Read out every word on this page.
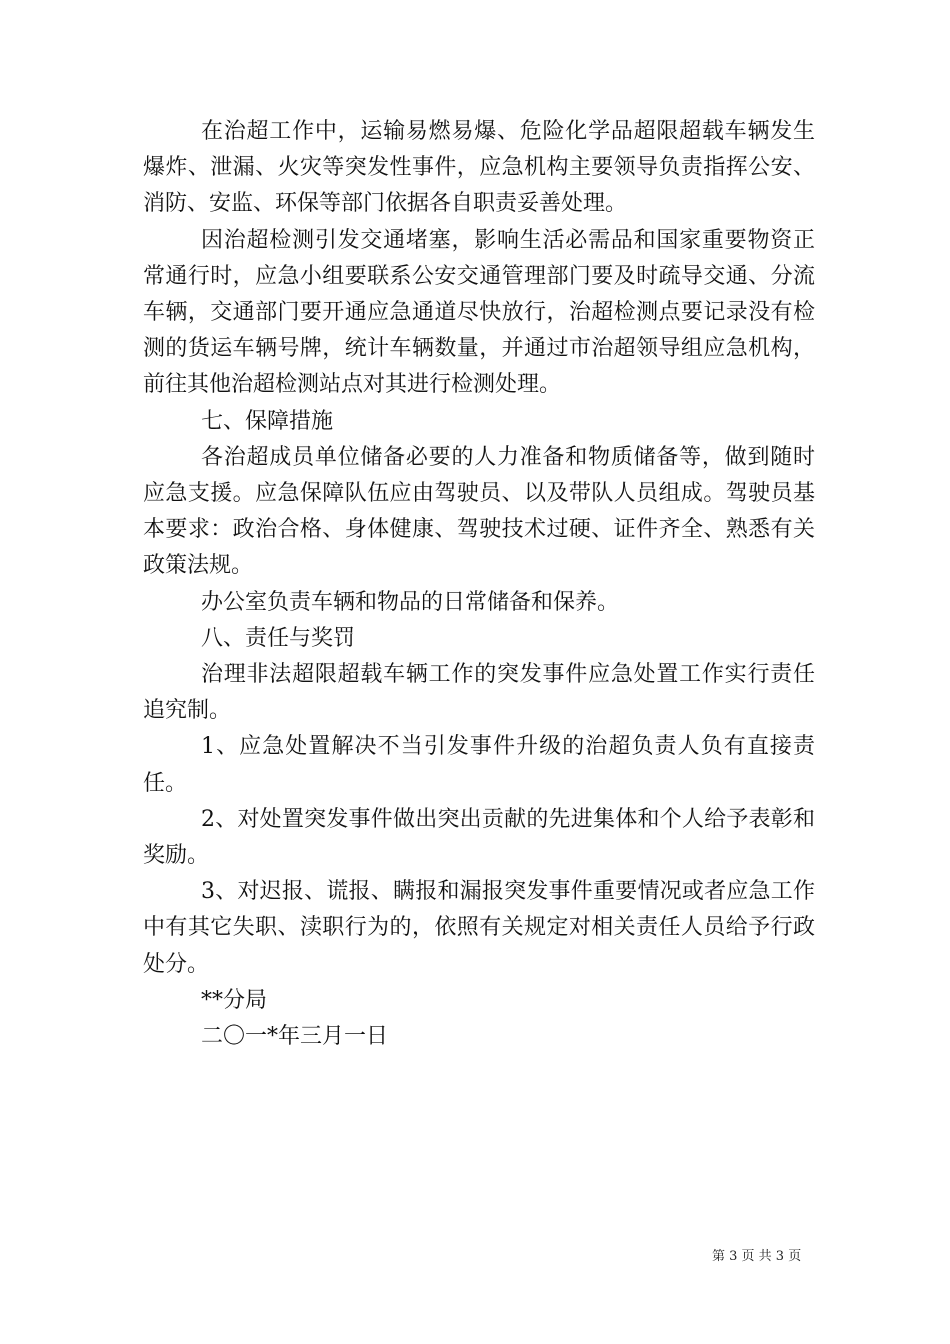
在治超工作中，运输易燃易爆、危险化学品超限超载车辆发生爆炸、泄漏、火灾等突发性事件，应急机构主要领导负责指挥公安、消防、安监、环保等部门依据各自职责妥善处理。

因治超检测引发交通堵塞，影响生活必需品和国家重要物资正常通行时，应急小组要联系公安交通管理部门要及时疏导交通、分流车辆，交通部门要开通应急通道尽快放行，治超检测点要记录没有检测的货运车辆号牌，统计车辆数量，并通过市治超领导组应急机构，前往其他治超检测站点对其进行检测处理。

七、保障措施

各治超成员单位储备必要的人力准备和物质储备等，做到随时应急支援。应急保障队伍应由驾驶员、以及带队人员组成。驾驶员基本要求：政治合格、身体健康、驾驶技术过硬、证件齐全、熟悉有关政策法规。

办公室负责车辆和物品的日常储备和保养。

八、责任与奖罚

治理非法超限超载车辆工作的突发事件应急处置工作实行责任追究制。

1、应急处置解决不当引发事件升级的治超负责人负有直接责任。

2、对处置突发事件做出突出贡献的先进集体和个人给予表彰和奖励。

3、对迟报、谎报、瞒报和漏报突发事件重要情况或者应急工作中有其它失职、渎职行为的，依照有关规定对相关责任人员给予行政处分。

**分局

二〇一*年三月一日

第 3 页 共 3 页
